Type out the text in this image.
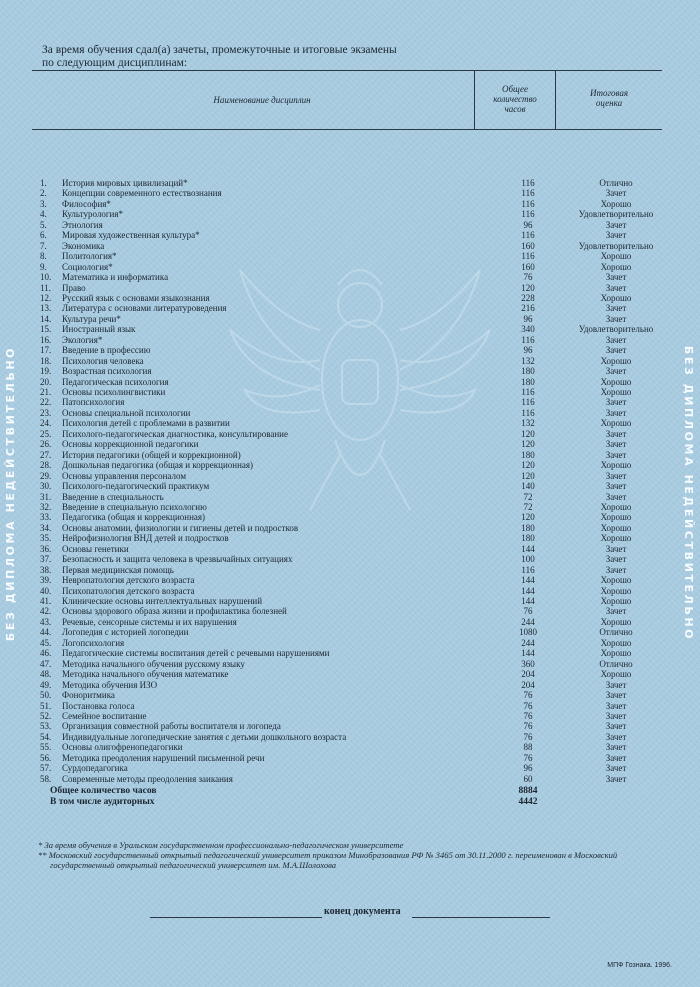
БЕЗ ДИПЛОМА НЕДЕЙСТВИТЕЛЬНО	БЕЗ ДИПЛОМА НЕДЕЙСТВИТЕЛЬНО
За время обучения сдал(а) зачеты, промежуточные и итоговые экзамены
по следующим дисциплинам:
Наименование дисциплин
Общее
количество
часов
Итоговая
оценка
1.	История мировых цивилизаций*	116	Отлично
2.	Концепции современного естествознания	116	Зачет
3.	Философия*	116	Хорошо
4.	Культурология*	116	Удовлетворительно
5.	Этнология	96	Зачет
6.	Мировая художественная культура*	116	Зачет
7.	Экономика	160	Удовлетворительно
8.	Политология*	116	Хорошо
9.	Социология*	160	Хорошо
10.	Математика и информатика	76	Зачет
11.	Право	120	Зачет
12.	Русский язык с основами языкознания	228	Хорошо
13.	Литература с основами литературоведения	216	Зачет
14.	Культура речи*	96	Зачет
15.	Иностранный язык	340	Удовлетворительно
16.	Экология*	116	Зачет
17.	Введение в профессию	96	Зачет
18.	Психология человека	132	Хорошо
19.	Возрастная психология	180	Зачет
20.	Педагогическая психология	180	Хорошо
21.	Основы психолингвистики	116	Хорошо
22.	Патопсихология	116	Зачет
23.	Основы специальной психологии	116	Зачет
24.	Психология детей с проблемами в развитии	132	Хорошо
25.	Психолого-педагогическая диагностика, консультирование	120	Зачет
26.	Основы коррекционной педагогики	120	Зачет
27.	История педагогики (общей и коррекционной)	180	Зачет
28.	Дошкольная педагогика (общая и коррекционная)	120	Хорошо
29.	Основы управления персоналом	120	Зачет
30.	Психолого-педагогический практикум	140	Зачет
31.	Введение в специальность	72	Зачет
32.	Введение в специальную психологию	72	Хорошо
33.	Педагогика (общая и коррекционная)	120	Хорошо
34.	Основы анатомии, физиологии и гигиены детей и подростков	180	Хорошо
35.	Нейрофизиология ВНД детей и подростков	180	Хорошо
36.	Основы генетики	144	Зачет
37.	Безопасность и защита человека в чрезвычайных ситуациях	100	Зачет
38.	Первая медицинская помощь	116	Зачет
39.	Невропатология детского возраста	144	Хорошо
40.	Психопатология детского возраста	144	Хорошо
41.	Клинические основы интеллектуальных нарушений	144	Хорошо
42.	Основы здорового образа жизни и профилактика болезней	76	Зачет
43.	Речевые, сенсорные системы и их нарушения	244	Хорошо
44.	Логопедия с историей логопедии	1080	Отлично
45.	Логопсихология	244	Хорошо
46.	Педагогические системы воспитания детей с речевыми нарушениями	144	Хорошо
47.	Методика начального обучения русскому языку	360	Отлично
48.	Методика начального обучения математике	204	Хорошо
49.	Методика обучения ИЗО	204	Зачет
50.	Фоноритмика	76	Зачет
51.	Постановка голоса	76	Зачет
52.	Семейное воспитание	76	Зачет
53.	Организация совместной работы воспитателя и логопеда	76	Зачет
54.	Индивидуальные логопедические занятия с детьми дошкольного возраста	76	Зачет
55.	Основы олигофренопедагогики	88	Зачет
56.	Методика преодоления нарушений письменной речи	76	Зачет
57.	Сурдопедагогика	96	Зачет
58.	Современные методы преодоления заикания	60	Зачет
Общее количество часов	8884
В том числе аудиторных	4442
* За время обучения в Уральском государственном профессионально-педагогическом университете
** Московский государственный открытый педагогический университет приказом Минобразования РФ № 3465 от 30.11.2000 г. переименован в Московский
государственный открытый педагогический университет им. М.А.Шолохова
конец документа
МПФ Гознака. 1996.
